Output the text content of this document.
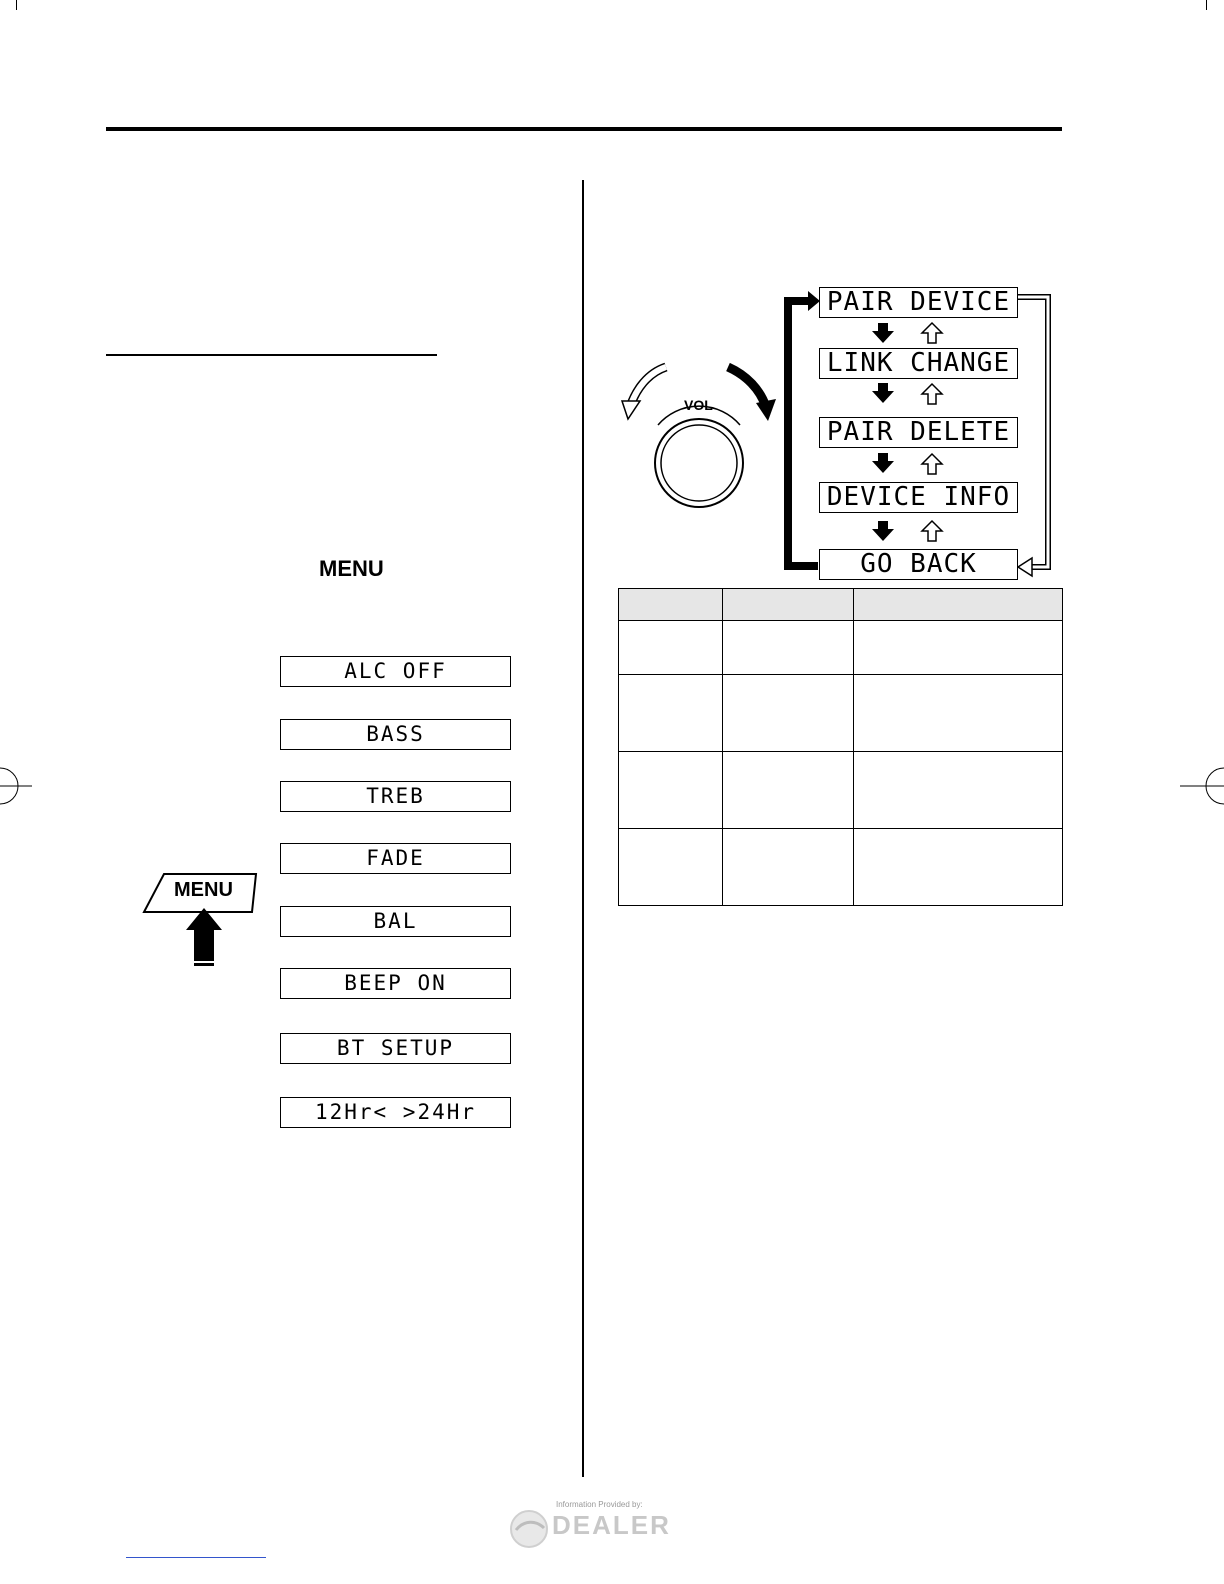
MENU
ALC OFF
BASS
TREB
FADE
BAL
BEEP ON
BT SETUP
12Hr< >24Hr
MENU
VOL
PAIR DEVICE
LINK CHANGE
PAIR DELETE
DEVICE INFO
GO BACK

Information Provided by:
DEALER
